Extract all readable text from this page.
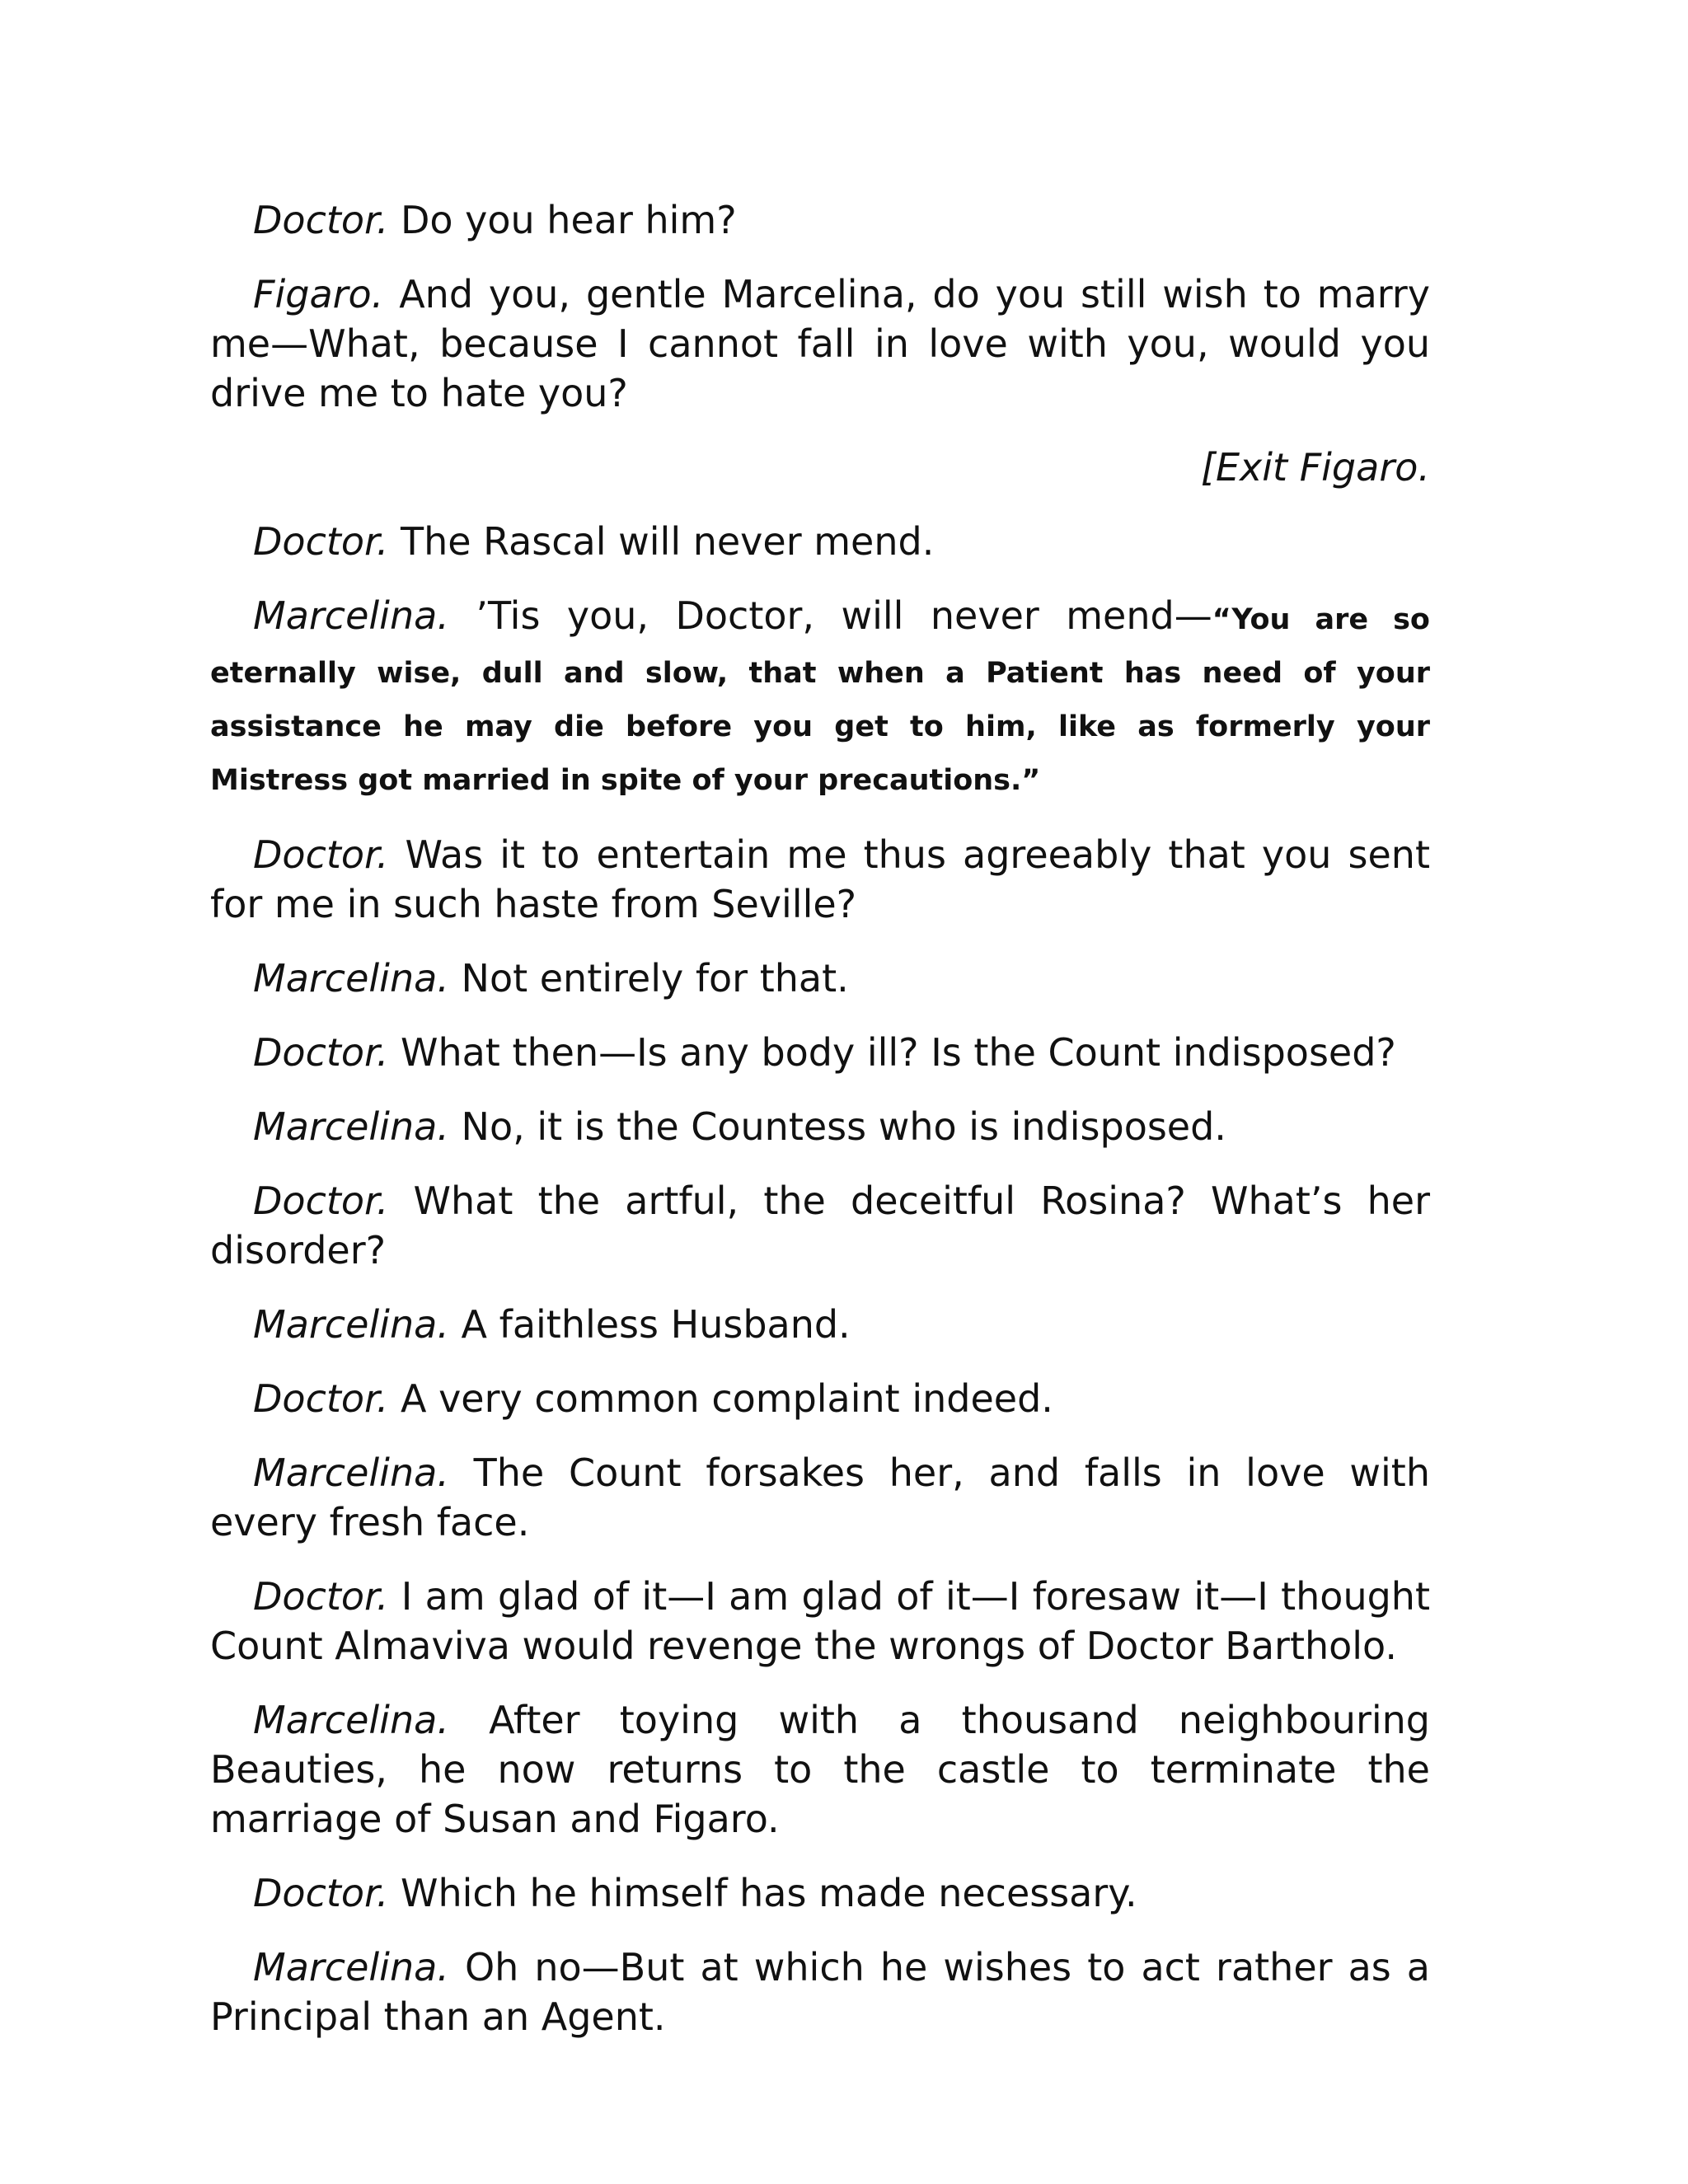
Doctor. Do you hear him?

Figaro. And you, gentle Marcelina, do you still wish to marry me—What, because I cannot fall in love with you, would you drive me to hate you?

[Exit Figaro.

Doctor. The Rascal will never mend.

Marcelina. ’Tis you, Doctor, will never mend—“You are so eternally wise, dull and slow, that when a Patient has need of your assistance he may die before you get to him, like as formerly your Mistress got married in spite of your precautions.”

Doctor. Was it to entertain me thus agreeably that you sent for me in such haste from Seville?

Marcelina. Not entirely for that.

Doctor. What then—Is any body ill? Is the Count indisposed?

Marcelina. No, it is the Countess who is indisposed.

Doctor. What the artful, the deceitful Rosina? What’s her disorder?

Marcelina. A faithless Husband.

Doctor. A very common complaint indeed.

Marcelina. The Count forsakes her, and falls in love with every fresh face.

Doctor. I am glad of it—I am glad of it—I foresaw it—I thought Count Almaviva would revenge the wrongs of Doctor Bartholo.

Marcelina. After toying with a thousand neighbouring Beauties, he now returns to the castle to terminate the marriage of Susan and Figaro.

Doctor. Which he himself has made necessary.

Marcelina. Oh no—But at which he wishes to act rather as a Principal than an Agent.
